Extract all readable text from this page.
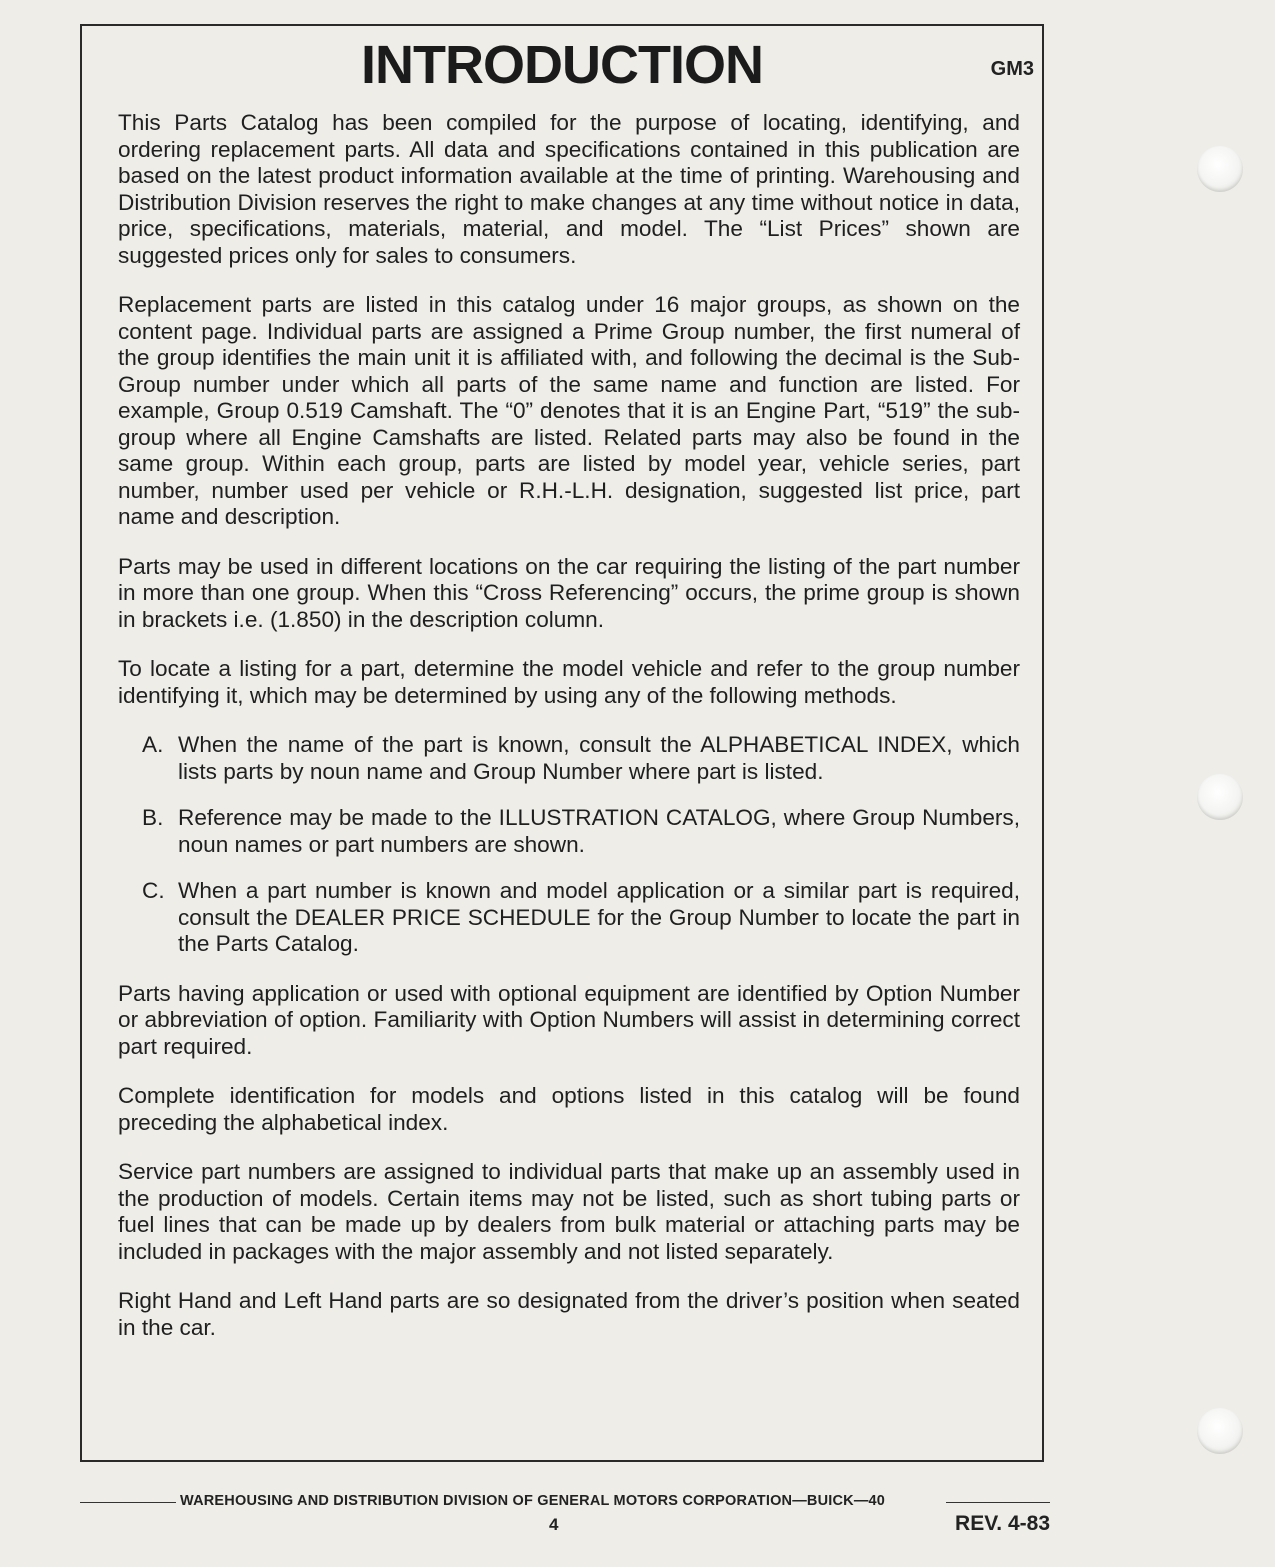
INTRODUCTION	GM3

This Parts Catalog has been compiled for the purpose of locating, identifying, and ordering replacement parts. All data and specifications contained in this publication are based on the latest product information available at the time of printing. Warehousing and Distribution Division reserves the right to make changes at any time without notice in data, price, specifications, materials, material, and model. The “List Prices” shown are suggested prices only for sales to consumers.

Replacement parts are listed in this catalog under 16 major groups, as shown on the content page. Individual parts are assigned a Prime Group number, the first numeral of the group identifies the main unit it is affiliated with, and following the decimal is the Sub-Group number under which all parts of the same name and function are listed. For example, Group 0.519 Camshaft. The “0” denotes that it is an Engine Part, “519” the sub-group where all Engine Camshafts are listed. Related parts may also be found in the same group. Within each group, parts are listed by model year, vehicle series, part number, number used per vehicle or R.H.-L.H. designation, suggested list price, part name and description.

Parts may be used in different locations on the car requiring the listing of the part number in more than one group. When this “Cross Referencing” occurs, the prime group is shown in brackets i.e. (1.850) in the description column.

To locate a listing for a part, determine the model vehicle and refer to the group number identifying it, which may be determined by using any of the following methods.

A. When the name of the part is known, consult the ALPHABETICAL INDEX, which lists parts by noun name and Group Number where part is listed.
B. Reference may be made to the ILLUSTRATION CATALOG, where Group Numbers, noun names or part numbers are shown.
C. When a part number is known and model application or a similar part is required, consult the DEALER PRICE SCHEDULE for the Group Number to locate the part in the Parts Catalog.

Parts having application or used with optional equipment are identified by Option Number or abbreviation of option. Familiarity with Option Numbers will assist in determining correct part required.

Complete identification for models and options listed in this catalog will be found preceding the alphabetical index.

Service part numbers are assigned to individual parts that make up an assembly used in the production of models. Certain items may not be listed, such as short tubing parts or fuel lines that can be made up by dealers from bulk material or attaching parts may be included in packages with the major assembly and not listed separately.

Right Hand and Left Hand parts are so designated from the driver’s position when seated in the car.

WAREHOUSING AND DISTRIBUTION DIVISION OF GENERAL MOTORS CORPORATION—BUICK—40
4	REV. 4-83
